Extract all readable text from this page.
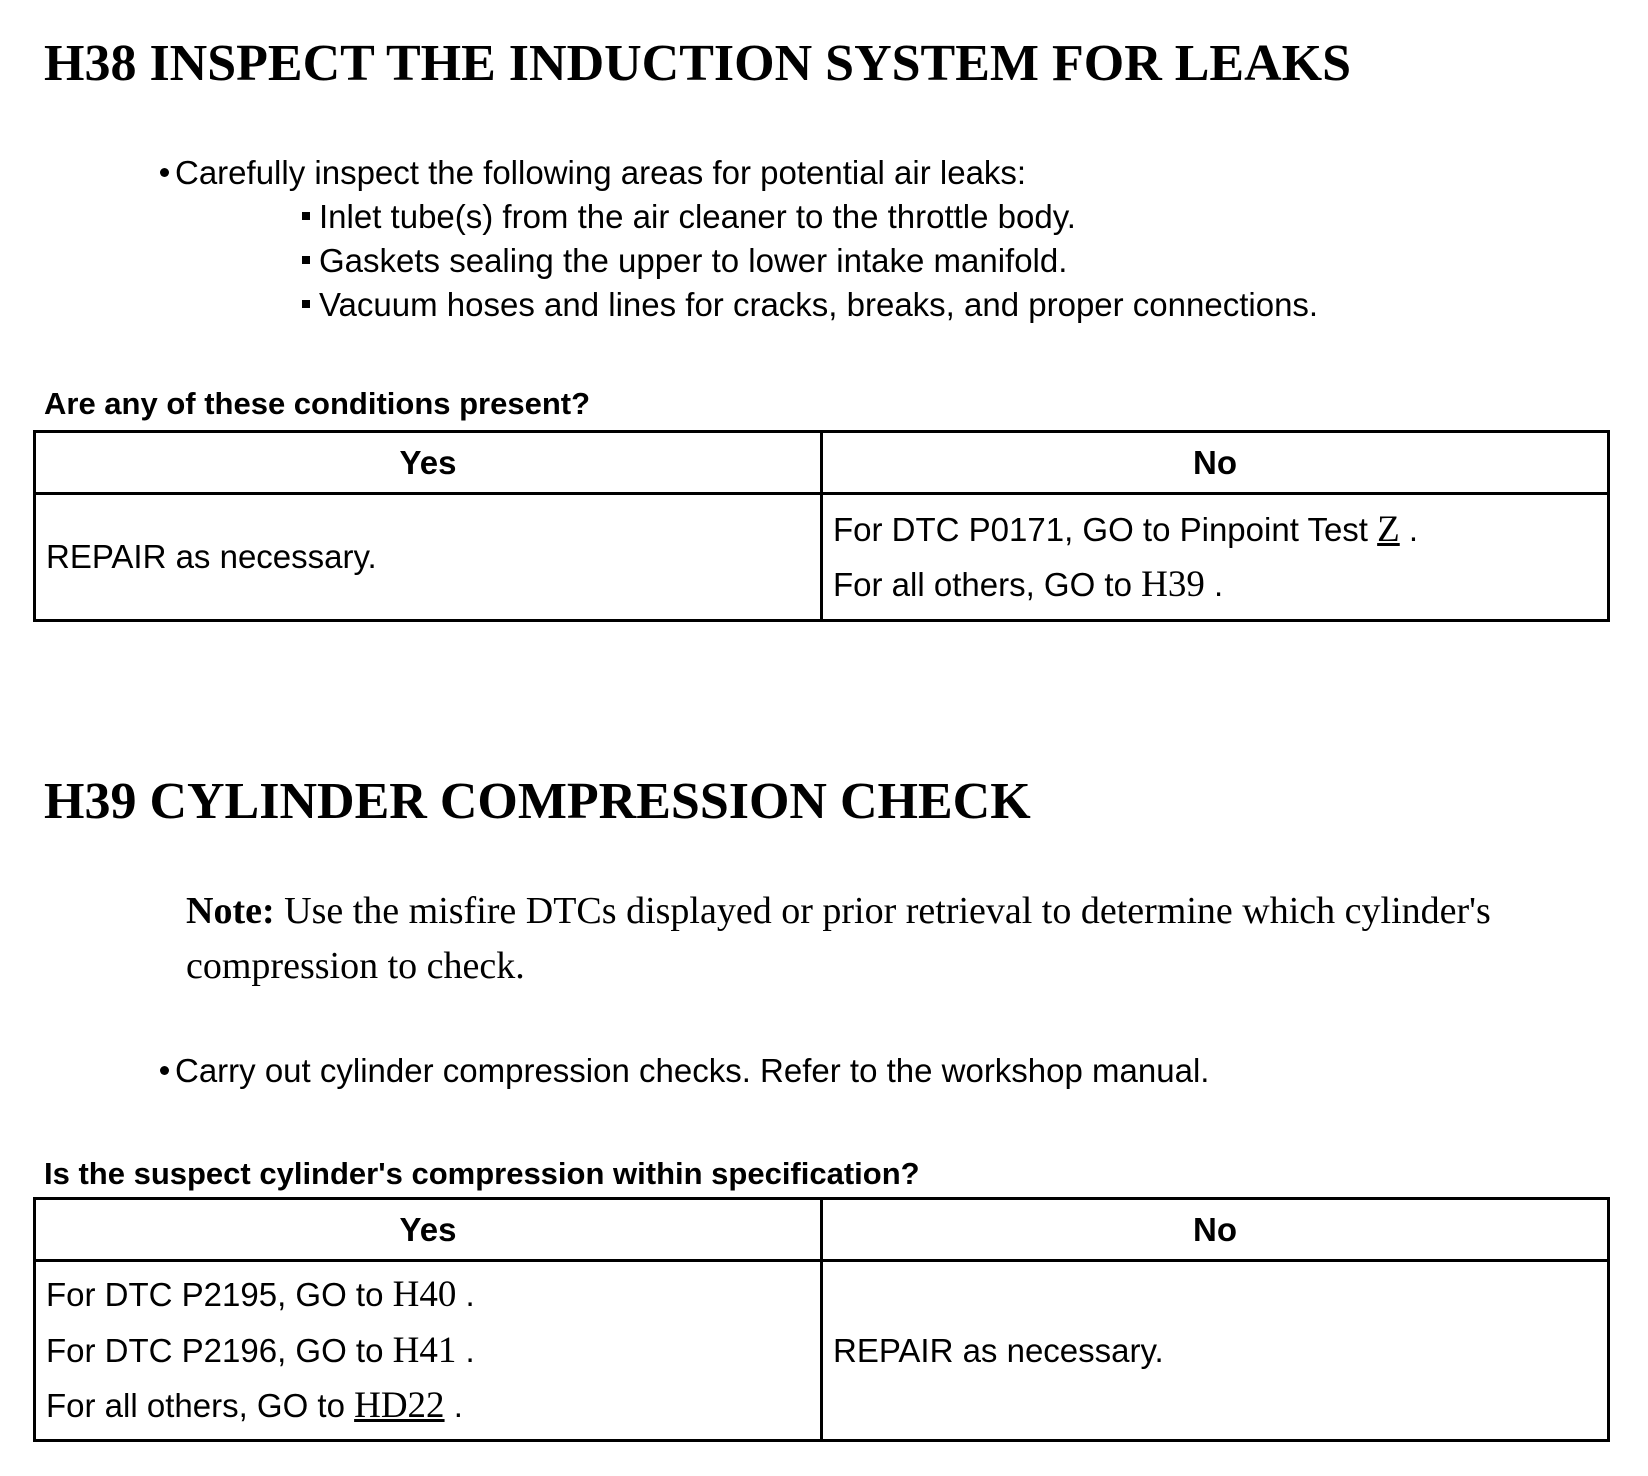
H38 INSPECT THE INDUCTION SYSTEM FOR LEAKS
Carefully inspect the following areas for potential air leaks:
Inlet tube(s) from the air cleaner to the throttle body.
Gaskets sealing the upper to lower intake manifold.
Vacuum hoses and lines for cracks, breaks, and proper connections.
Are any of these conditions present?
Yes	No
REPAIR as necessary.	For DTC P0171, GO to Pinpoint Test Z .
For all others, GO to H39 .
H39 CYLINDER COMPRESSION CHECK
Note: Use the misfire DTCs displayed or prior retrieval to determine which cylinder's compression to check.
Carry out cylinder compression checks. Refer to the workshop manual.
Is the suspect cylinder's compression within specification?
Yes	No

For DTC P2195, GO to H40 .
For DTC P2196, GO to H41 .
For all others, GO to HD22 .	REPAIR as necessary.
